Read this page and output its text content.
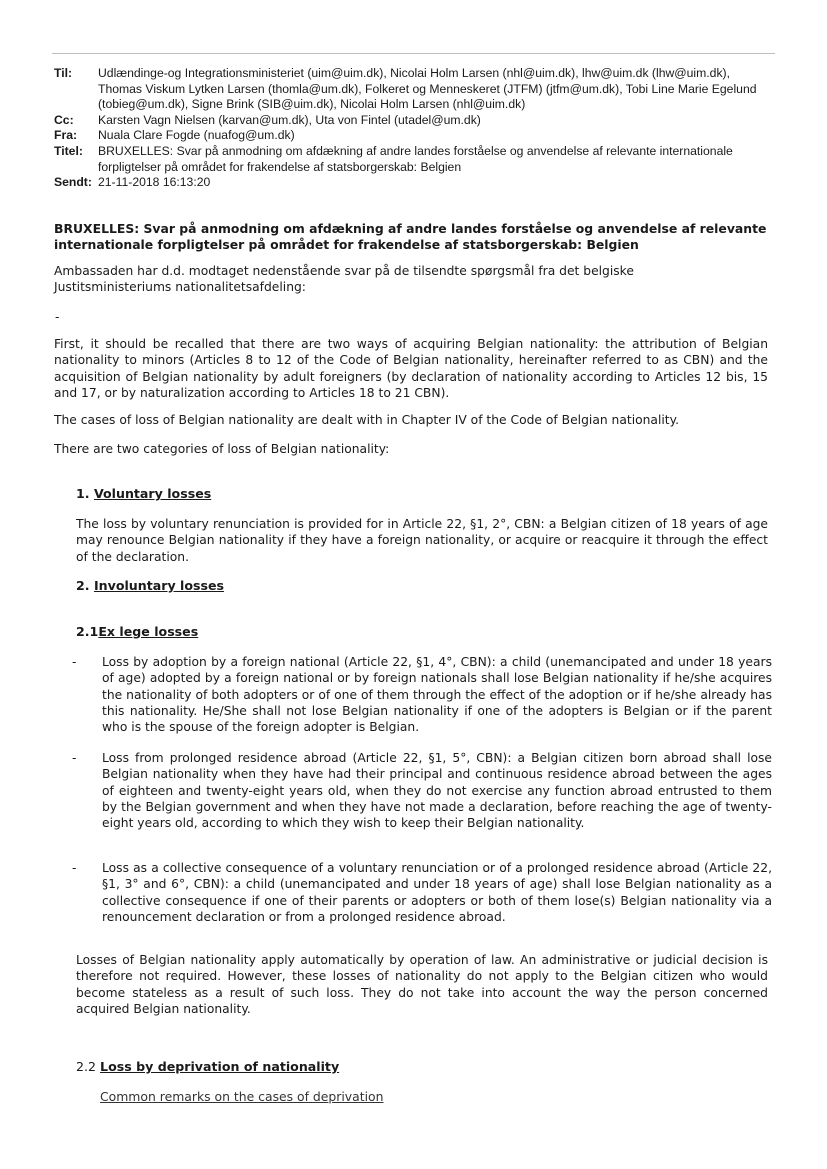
Til:	Udlændinge-og Integrationsministeriet (uim@uim.dk), Nicolai Holm Larsen (nhl@uim.dk), lhw@uim.dk (lhw@uim.dk), Thomas Viskum Lytken Larsen (thomla@um.dk), Folkeret og Menneskeret (JTFM) (jtfm@um.dk), Tobi Line Marie Egelund (tobieg@um.dk), Signe Brink (SIB@uim.dk), Nicolai Holm Larsen (nhl@uim.dk)
Cc:	Karsten Vagn Nielsen (karvan@um.dk), Uta von Fintel (utadel@um.dk)
Fra:	Nuala Clare Fogde (nuafog@um.dk)
Titel:	BRUXELLES: Svar på anmodning om afdækning af andre landes forståelse og anvendelse af relevante internationale forpligtelser på området for frakendelse af statsborgerskab: Belgien
Sendt: 21-11-2018 16:13:20
BRUXELLES: Svar på anmodning om afdækning af andre landes forståelse og anvendelse af relevante internationale forpligtelser på området for frakendelse af statsborgerskab: Belgien

Ambassaden har d.d. modtaget nedenstående svar på de tilsendte spørgsmål fra det belgiske Justitsministeriums nationalitetsafdeling:

-

First, it should be recalled that there are two ways of acquiring Belgian nationality: the attribution of Belgian nationality to minors (Articles 8 to 12 of the Code of Belgian nationality, hereinafter referred to as CBN) and the acquisition of Belgian nationality by adult foreigners (by declaration of nationality according to Articles 12 bis, 15 and 17, or by naturalization according to Articles 18 to 21 CBN).

The cases of loss of Belgian nationality are dealt with in Chapter IV of the Code of Belgian nationality.

There are two categories of loss of Belgian nationality:

1. Voluntary losses

The loss by voluntary renunciation is provided for in Article 22, §1, 2°, CBN: a Belgian citizen of 18 years of age may renounce Belgian nationality if they have a foreign nationality, or acquire or reacquire it through the effect of the declaration.

2. Involuntary losses
2.1Ex lege losses
- Loss by adoption by a foreign national (Article 22, §1, 4°, CBN): a child (unemancipated and under 18 years of age) adopted by a foreign national or by foreign nationals shall lose Belgian nationality if he/she acquires the nationality of both adopters or of one of them through the effect of the adoption or if he/she already has this nationality. He/She shall not lose Belgian nationality if one of the adopters is Belgian or if the parent who is the spouse of the foreign adopter is Belgian.
- Loss from prolonged residence abroad (Article 22, §1, 5°, CBN): a Belgian citizen born abroad shall lose Belgian nationality when they have had their principal and continuous residence abroad between the ages of eighteen and twenty-eight years old, when they do not exercise any function abroad entrusted to them by the Belgian government and when they have not made a declaration, before reaching the age of twenty-eight years old, according to which they wish to keep their Belgian nationality.
- Loss as a collective consequence of a voluntary renunciation or of a prolonged residence abroad (Article 22, §1, 3° and 6°, CBN): a child (unemancipated and under 18 years of age) shall lose Belgian nationality as a collective consequence if one of their parents or adopters or both of them lose(s) Belgian nationality via a renouncement declaration or from a prolonged residence abroad.

Losses of Belgian nationality apply automatically by operation of law. An administrative or judicial decision is therefore not required. However, these losses of nationality do not apply to the Belgian citizen who would become stateless as a result of such loss. They do not take into account the way the person concerned acquired Belgian nationality.

2.2 Loss by deprivation of nationality
Common remarks on the cases of deprivation
